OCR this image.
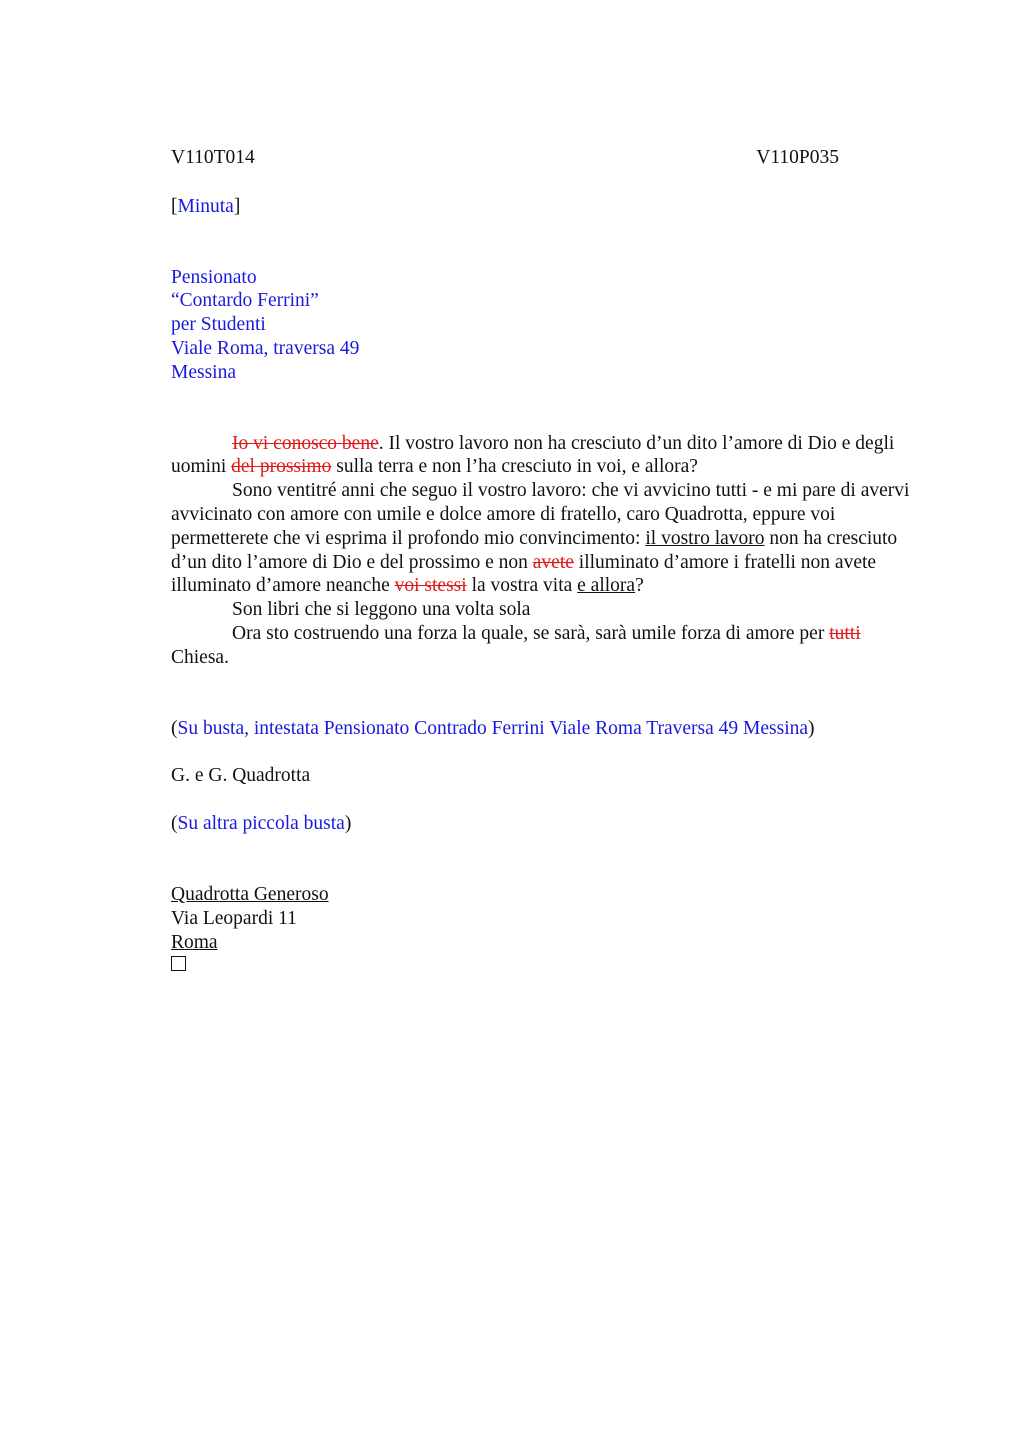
V110T014	V110P035
[Minuta]
Pensionato
“Contardo Ferrini”
per Studenti
Viale Roma, traversa 49
Messina

Io vi conosco bene. Il vostro lavoro non ha cresciuto d’un dito l’amore di Dio e degli uomini del prossimo sulla terra e non l’ha cresciuto in voi, e allora?

Sono ventitré anni che seguo il vostro lavoro: che vi avvicino tutti - e mi pare di avervi avvicinato con amore con umile e dolce amore di fratello, caro Quadrotta, eppure voi permetterete che vi esprima il profondo mio convincimento: il vostro lavoro non ha cresciuto d’un dito l’amore di Dio e del prossimo e non avete illuminato d’amore i fratelli non avete illuminato d’amore neanche voi stessi la vostra vita e allora?

Son libri che si leggono una volta sola

Ora sto costruendo una forza la quale, se sarà, sarà umile forza di amore per tutti
Chiesa.

(Su busta, intestata Pensionato Contrado Ferrini Viale Roma Traversa 49 Messina)
G. e G. Quadrotta
(Su altra piccola busta)
Quadrotta Generoso
Via Leopardi 11
Roma
